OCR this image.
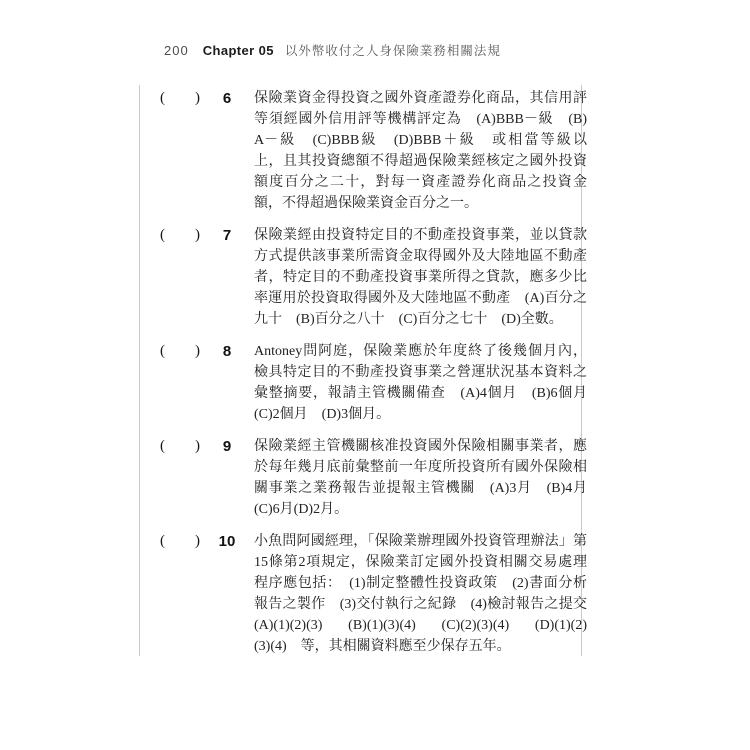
200 Chapter 05 以外幣收付之人身保險業務相關法規
( )	6	保險業資金得投資之國外資產證券化商品，其信用評
等須經國外信用評等機構評定為　(A)BBB－級　(B)
A－級　(C)BBB級　(D)BBB＋級　或相當等級以
上，且其投資總額不得超過保險業經核定之國外投資
額度百分之二十，對每一資產證券化商品之投資金
額，不得超過保險業資金百分之一。
( )	7	保險業經由投資特定目的不動產投資事業，並以貸款
方式提供該事業所需資金取得國外及大陸地區不動產
者，特定目的不動產投資事業所得之貸款，應多少比
率運用於投資取得國外及大陸地區不動產　(A)百分之
九十　(B)百分之八十　(C)百分之七十　(D)全數。
( )	8	Antoney問阿庭，保險業應於年度終了後幾個月內，
檢具特定目的不動產投資事業之營運狀況基本資料之
彙整摘要，報請主管機關備查　(A)4個月　(B)6個月
(C)2個月　(D)3個月。
( )	9	保險業經主管機關核准投資國外保險相關事業者，應
於每年幾月底前彙整前一年度所投資所有國外保險相
關事業之業務報告並提報主管機關　(A)3月　(B)4月
(C)6月(D)2月。
( )	10	小魚問阿國經理，「保險業辦理國外投資管理辦法」第
15條第2項規定，保險業訂定國外投資相關交易處理
程序應包括：　(1)制定整體性投資政策　(2)書面分析
報告之製作　(3)交付執行之紀錄　(4)檢討報告之提交
(A)(1)(2)(3)　(B)(1)(3)(4)　(C)(2)(3)(4)　(D)(1)(2)
(3)(4)　等，其相關資料應至少保存五年。
